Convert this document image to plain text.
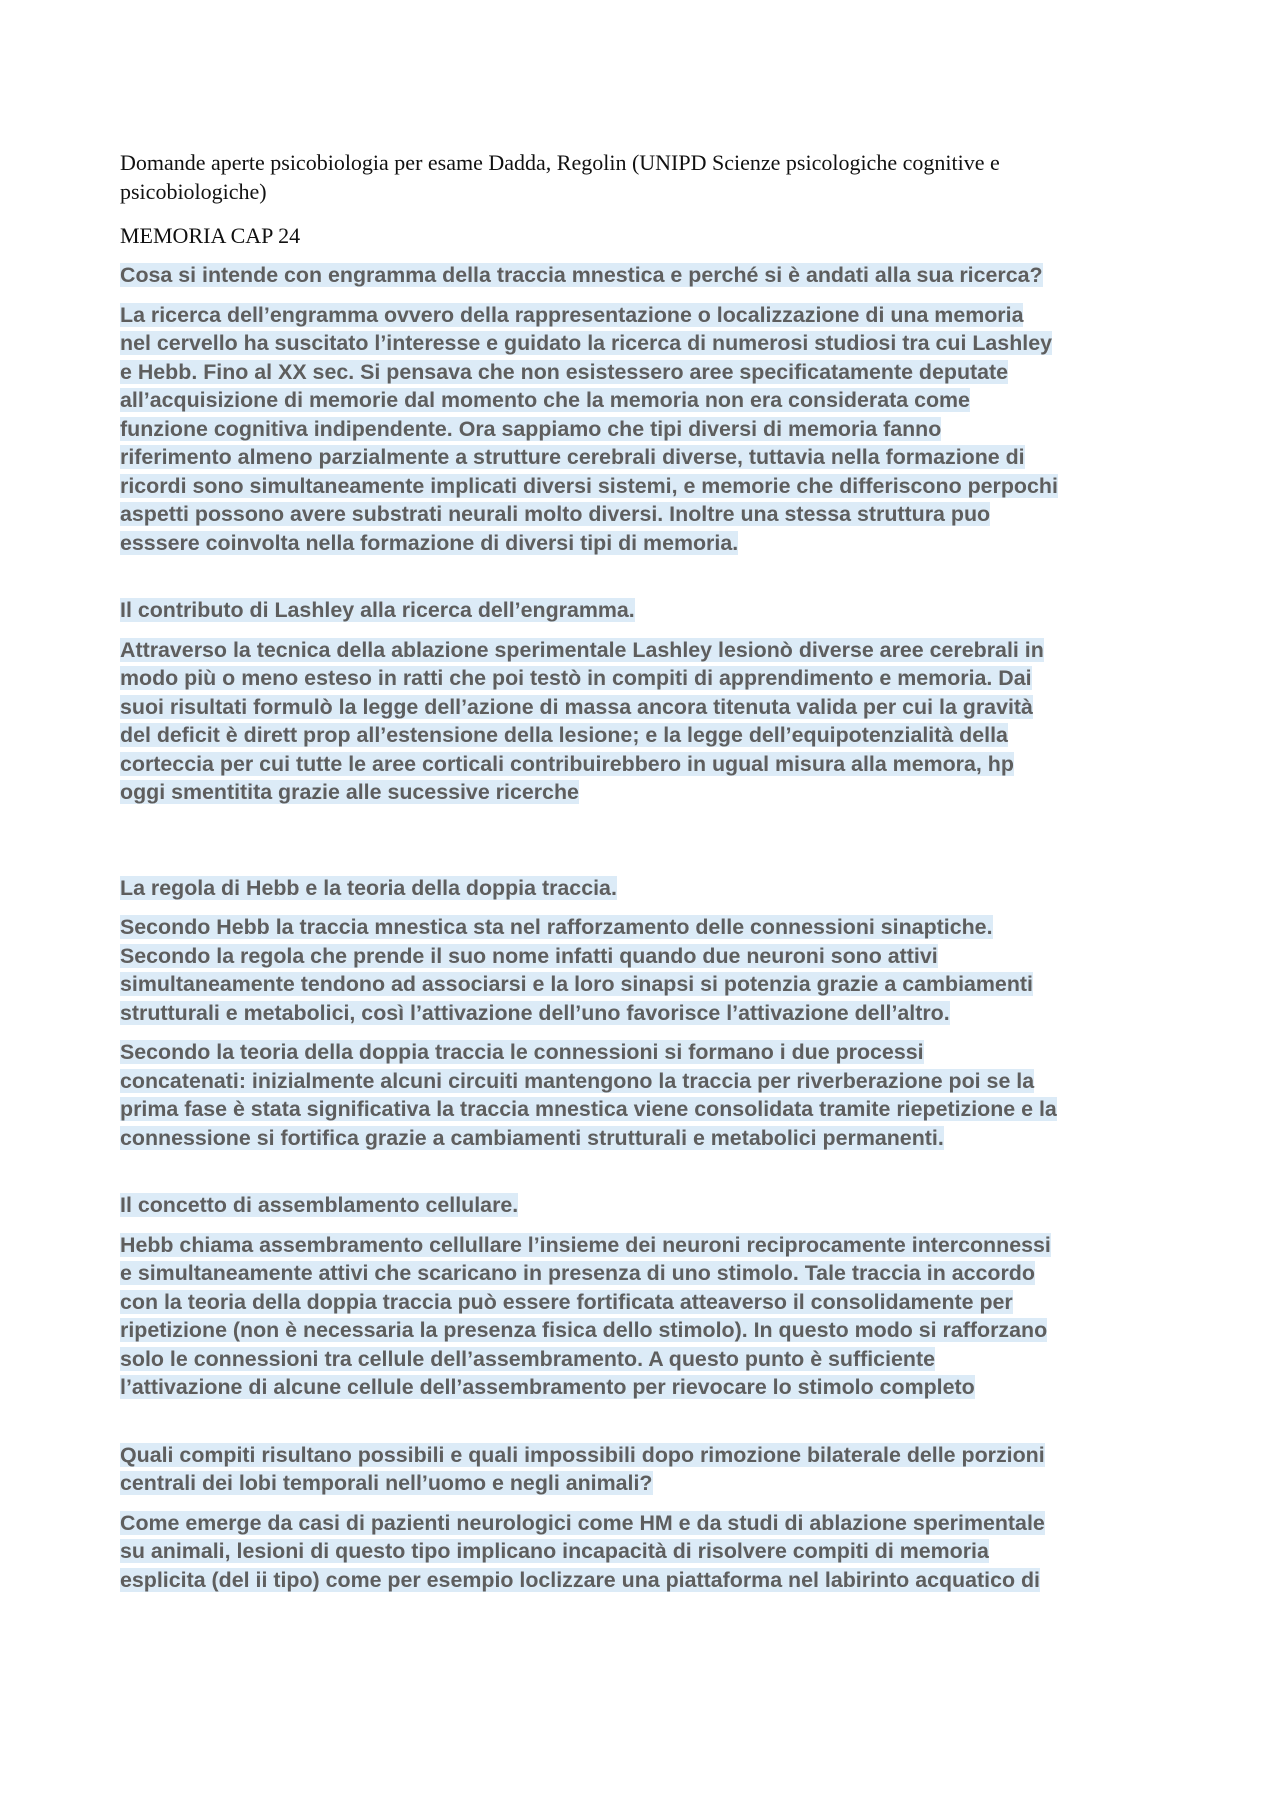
Domande aperte psicobiologia per esame Dadda, Regolin (UNIPD Scienze psicologiche cognitive e
psicobiologiche)

MEMORIA CAP 24

Cosa si intende con engramma della traccia mnestica e perché si è andati alla sua ricerca?

La ricerca dell’engramma ovvero della rappresentazione o localizzazione di una memoria
nel cervello ha suscitato l’interesse e guidato la ricerca di numerosi studiosi tra cui Lashley
e Hebb. Fino al XX sec. Si pensava che non esistessero aree specificatamente deputate
all’acquisizione di memorie dal momento che la memoria non era considerata come
funzione cognitiva indipendente. Ora sappiamo che tipi diversi di memoria fanno
riferimento almeno parzialmente a strutture cerebrali diverse, tuttavia nella formazione di
ricordi sono simultaneamente implicati diversi sistemi, e memorie che differiscono perpochi
aspetti possono avere substrati neurali molto diversi. Inoltre una stessa struttura puo
esssere coinvolta nella formazione di diversi tipi di memoria.

Il contributo di Lashley alla ricerca dell’engramma.

Attraverso la tecnica della ablazione sperimentale Lashley lesionò diverse aree cerebrali in
modo più o meno esteso in ratti che poi testò in compiti di apprendimento e memoria. Dai
suoi risultati formulò la legge dell’azione di massa ancora titenuta valida per cui la gravità
del deficit è dirett prop all’estensione della lesione; e la legge dell’equipotenzialità della
corteccia per cui tutte le aree corticali contribuirebbero in ugual misura alla memora, hp
oggi smentitita grazie alle sucessive ricerche

La regola di Hebb e la teoria della doppia traccia.

Secondo Hebb la traccia mnestica sta nel rafforzamento delle connessioni sinaptiche.
Secondo la regola che prende il suo nome infatti quando due neuroni sono attivi
simultaneamente tendono ad associarsi e la loro sinapsi si potenzia grazie a cambiamenti
strutturali e metabolici, così l’attivazione dell’uno favorisce l’attivazione dell’altro.

Secondo la teoria della doppia traccia le connessioni si formano i due processi
concatenati: inizialmente alcuni circuiti mantengono la traccia per riverberazione poi se la
prima fase è stata significativa la traccia mnestica viene consolidata tramite riepetizione e la
connessione si fortifica grazie a cambiamenti strutturali e metabolici permanenti.

Il concetto di assemblamento cellulare.

Hebb chiama assembramento cellullare l’insieme dei neuroni reciprocamente interconnessi
e simultaneamente attivi che scaricano in presenza di uno stimolo. Tale traccia in accordo
con la teoria della doppia traccia può essere fortificata atteaverso il consolidamente per
ripetizione (non è necessaria la presenza fisica dello stimolo). In questo modo si rafforzano
solo le connessioni tra cellule dell’assembramento. A questo punto è sufficiente
l’attivazione di alcune cellule dell’assembramento per rievocare lo stimolo completo

Quali compiti risultano possibili e quali impossibili dopo rimozione bilaterale delle porzioni
centrali dei lobi temporali nell’uomo e negli animali?

Come emerge da casi di pazienti neurologici come HM e da studi di ablazione sperimentale
su animali, lesioni di questo tipo implicano incapacità di risolvere compiti di memoria
esplicita (del ii tipo) come per esempio loclizzare una piattaforma nel labirinto acquatico di
